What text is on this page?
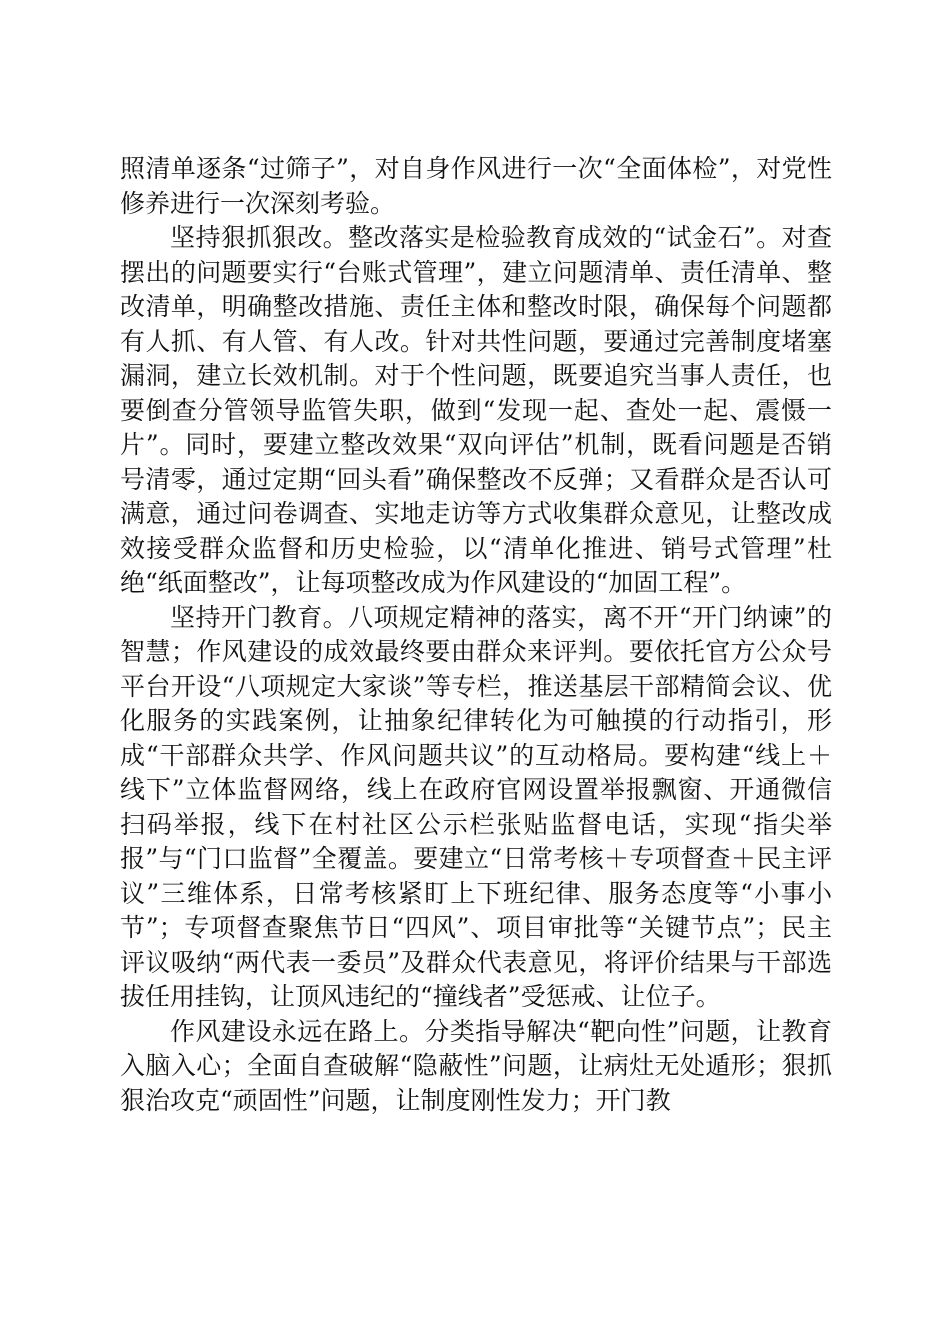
照清单逐条“过筛子”，对自身作风进行一次“全面体检”，对党性修养进行一次深刻考验。

坚持狠抓狠改。整改落实是检验教育成效的“试金石”。对查摆出的问题要实行“台账式管理”，建立问题清单、责任清单、整改清单，明确整改措施、责任主体和整改时限，确保每个问题都有人抓、有人管、有人改。针对共性问题，要通过完善制度堵塞漏洞，建立长效机制。对于个性问题，既要追究当事人责任，也要倒查分管领导监管失职，做到“发现一起、查处一起、震慑一片”。同时，要建立整改效果“双向评估”机制，既看问题是否销号清零，通过定期“回头看”确保整改不反弹；又看群众是否认可满意，通过问卷调查、实地走访等方式收集群众意见，让整改成效接受群众监督和历史检验，以“清单化推进、销号式管理”杜绝“纸面整改”，让每项整改成为作风建设的“加固工程”。

坚持开门教育。八项规定精神的落实，离不开“开门纳谏”的智慧；作风建设的成效最终要由群众来评判。要依托官方公众号平台开设“八项规定大家谈”等专栏，推送基层干部精简会议、优化服务的实践案例，让抽象纪律转化为可触摸的行动指引，形成“干部群众共学、作风问题共议”的互动格局。要构建“线上＋线下”立体监督网络，线上在政府官网设置举报飘窗、开通微信扫码举报，线下在村社区公示栏张贴监督电话，实现“指尖举报”与“门口监督”全覆盖。要建立“日常考核＋专项督查＋民主评议”三维体系，日常考核紧盯上下班纪律、服务态度等“小事小节”；专项督查聚焦节日“四风”、项目审批等“关键节点”；民主评议吸纳“两代表一委员”及群众代表意见，将评价结果与干部选拔任用挂钩，让顶风违纪的“撞线者”受惩戒、让位子。

作风建设永远在路上。分类指导解决“靶向性”问题，让教育入脑入心；全面自查破解“隐蔽性”问题，让病灶无处遁形；狠抓狠治攻克“顽固性”问题，让制度刚性发力；开门教
